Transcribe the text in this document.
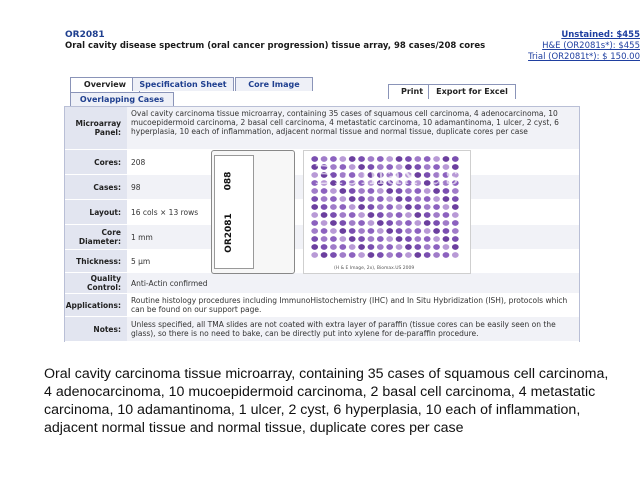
OR2081
Oral cavity disease spectrum (oral cancer progression) tissue array, 98 cases/208 cores
Unstained: $455
H&E (OR2081s*): $455
Trial (OR2081t*): $ 150.00
Overview	Specification Sheet	Core Image
Overlapping Cases
Print	Export for Excel
Microarray Panel:
Oval cavity carcinoma tissue microarray, containing 35 cases of squamous cell carcinoma, 4 adenocarcinoma, 10 mucoepidermoid carcinoma, 2 basal cell carcinoma, 4 metastatic carcinoma, 10 adamantinoma, 1 ulcer, 2 cyst, 6 hyperplasia, 10 each of inflammation, adjacent normal tissue and normal tissue, duplicate cores per case
Cores:	208
Cases:	98
Layout:	16 cols × 13 rows
Core Diameter:	1 mm
Thickness:	5 μm
Quality Control:	Anti-Actin confirmed
Applications:	Routine histology procedures including ImmunoHistochemistry (IHC) and In Situ Hybridization (ISH), protocols which can be found on our support page.
Notes:	Unless specified, all TMA slides are not coated with extra layer of paraffin (tissue cores can be easily seen on the glass), so there is no need to bake, can be directly put into xylene for de-paraffin procedure.
088
OR2081
Biomax.us
(H & E Image, 2x), Biomax.US 2009
Oral cavity carcinoma tissue microarray, containing 35 cases of squamous cell carcinoma, 4 adenocarcinoma, 10 mucoepidermoid carcinoma, 2 basal cell carcinoma, 4 metastatic carcinoma, 10 adamantinoma, 1 ulcer, 2 cyst, 6 hyperplasia, 10 each of inflammation, adjacent normal tissue and normal tissue, duplicate cores per case
